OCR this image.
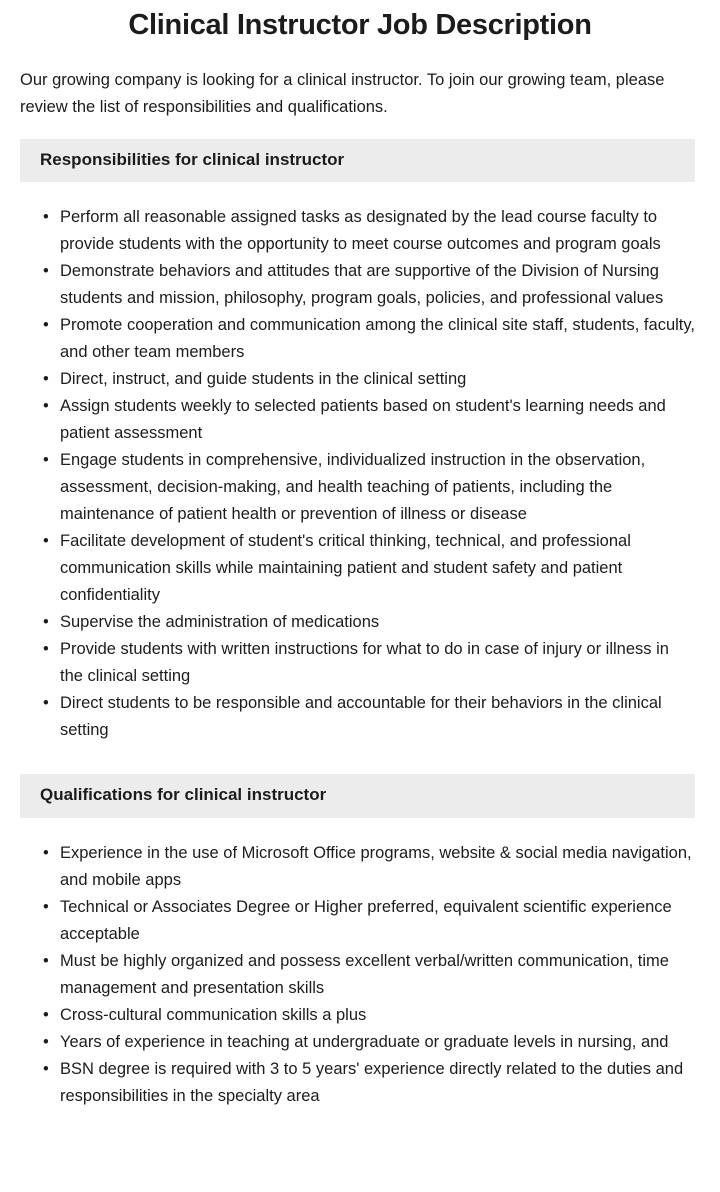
Clinical Instructor Job Description

Our growing company is looking for a clinical instructor. To join our growing team, please review the list of responsibilities and qualifications.

Responsibilities for clinical instructor
• Perform all reasonable assigned tasks as designated by the lead course faculty to provide students with the opportunity to meet course outcomes and program goals
• Demonstrate behaviors and attitudes that are supportive of the Division of Nursing students and mission, philosophy, program goals, policies, and professional values
• Promote cooperation and communication among the clinical site staff, students, faculty, and other team members
• Direct, instruct, and guide students in the clinical setting
• Assign students weekly to selected patients based on student's learning needs and patient assessment
• Engage students in comprehensive, individualized instruction in the observation, assessment, decision-making, and health teaching of patients, including the maintenance of patient health or prevention of illness or disease
• Facilitate development of student's critical thinking, technical, and professional communication skills while maintaining patient and student safety and patient confidentiality
• Supervise the administration of medications
• Provide students with written instructions for what to do in case of injury or illness in the clinical setting
• Direct students to be responsible and accountable for their behaviors in the clinical setting
Qualifications for clinical instructor
• Experience in the use of Microsoft Office programs, website & social media navigation, and mobile apps
• Technical or Associates Degree or Higher preferred, equivalent scientific experience acceptable
• Must be highly organized and possess excellent verbal/written communication, time management and presentation skills
• Cross-cultural communication skills a plus
• Years of experience in teaching at undergraduate or graduate levels in nursing, and
• BSN degree is required with 3 to 5 years' experience directly related to the duties and responsibilities in the specialty area
